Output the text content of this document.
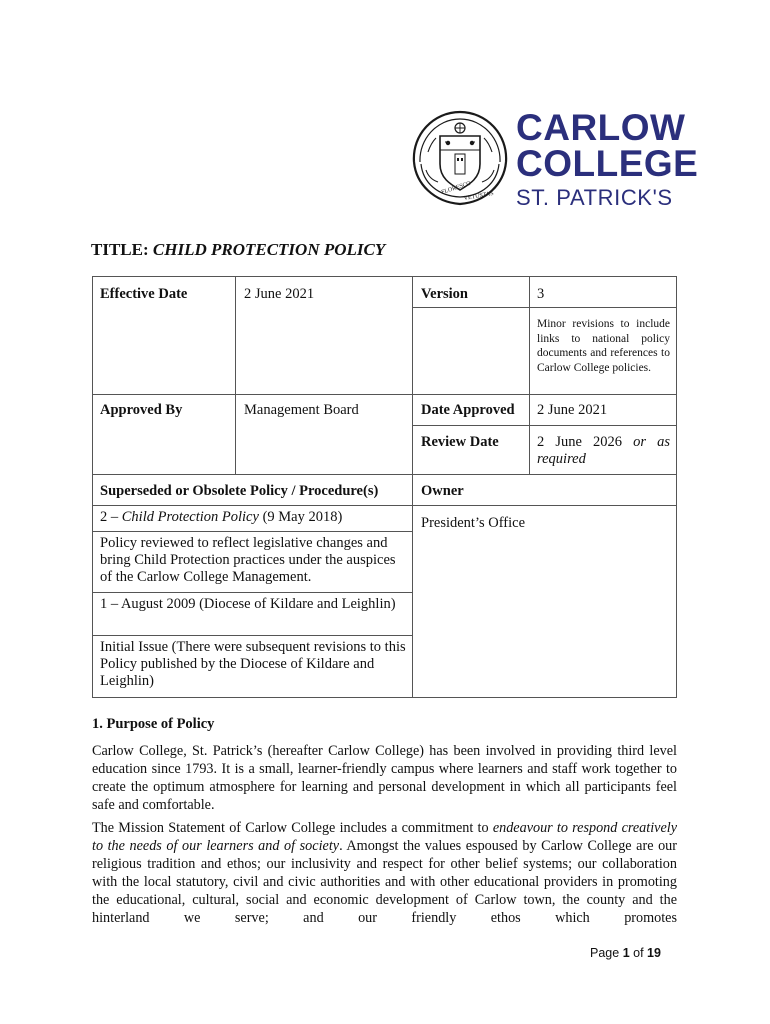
FLORESCO
VETUSTAS
CARLOW
COLLEGE
ST. PATRICK'S
TITLE: CHILD PROTECTION POLICY
Effective Date	2 June 2021	Version	3
Minor revisions to include links to national policy documents and references to Carlow College policies.
Approved By	Management Board	Date Approved 2 June 2021
Review Date	2 June 2026 or as required
Superseded or Obsolete Policy / Procedure(s)	Owner
President’s Office
2 – Child Protection Policy (9 May 2018)
Policy reviewed to reflect legislative changes and bring Child Protection practices under the auspices of the Carlow College Management.
1 – August 2009 (Diocese of Kildare and Leighlin)
Initial Issue (There were subsequent revisions to this Policy published by the Diocese of Kildare and Leighlin)
1. Purpose of Policy
Carlow College, St. Patrick’s (hereafter Carlow College) has been involved in providing third level education since 1793. It is a small, learner-friendly campus where learners and staff work together to create the optimum atmosphere for learning and personal development in which all participants feel safe and comfortable.
The Mission Statement of Carlow College includes a commitment to endeavour to respond creatively to the needs of our learners and of society. Amongst the values espoused by Carlow College are our religious tradition and ethos; our inclusivity and respect for other belief systems; our collaboration with the local statutory, civil and civic authorities and with other educational providers in promoting the educational, cultural, social and economic development of Carlow town, the county and the hinterland we serve; and our friendly ethos which promotes
Page 1 of 19
